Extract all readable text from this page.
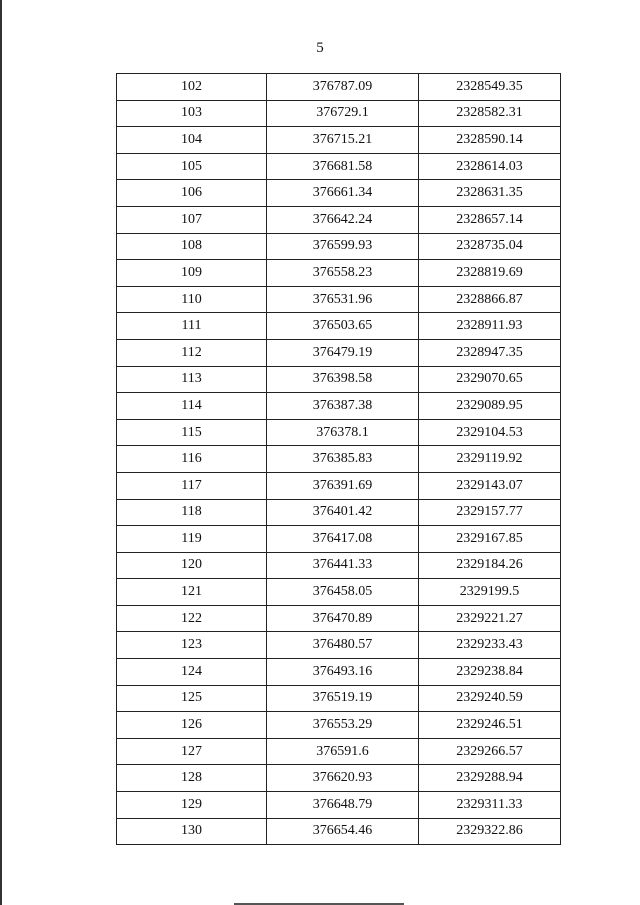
5
102	376787.09	2328549.35
103	376729.1	2328582.31
104	376715.21	2328590.14
105	376681.58	2328614.03
106	376661.34	2328631.35
107	376642.24	2328657.14
108	376599.93	2328735.04
109	376558.23	2328819.69
110	376531.96	2328866.87
111	376503.65	2328911.93
112	376479.19	2328947.35
113	376398.58	2329070.65
114	376387.38	2329089.95
115	376378.1	2329104.53
116	376385.83	2329119.92
117	376391.69	2329143.07
118	376401.42	2329157.77
119	376417.08	2329167.85
120	376441.33	2329184.26
121	376458.05	2329199.5
122	376470.89	2329221.27
123	376480.57	2329233.43
124	376493.16	2329238.84
125	376519.19	2329240.59
126	376553.29	2329246.51
127	376591.6	2329266.57
128	376620.93	2329288.94
129	376648.79	2329311.33
130	376654.46	2329322.86
